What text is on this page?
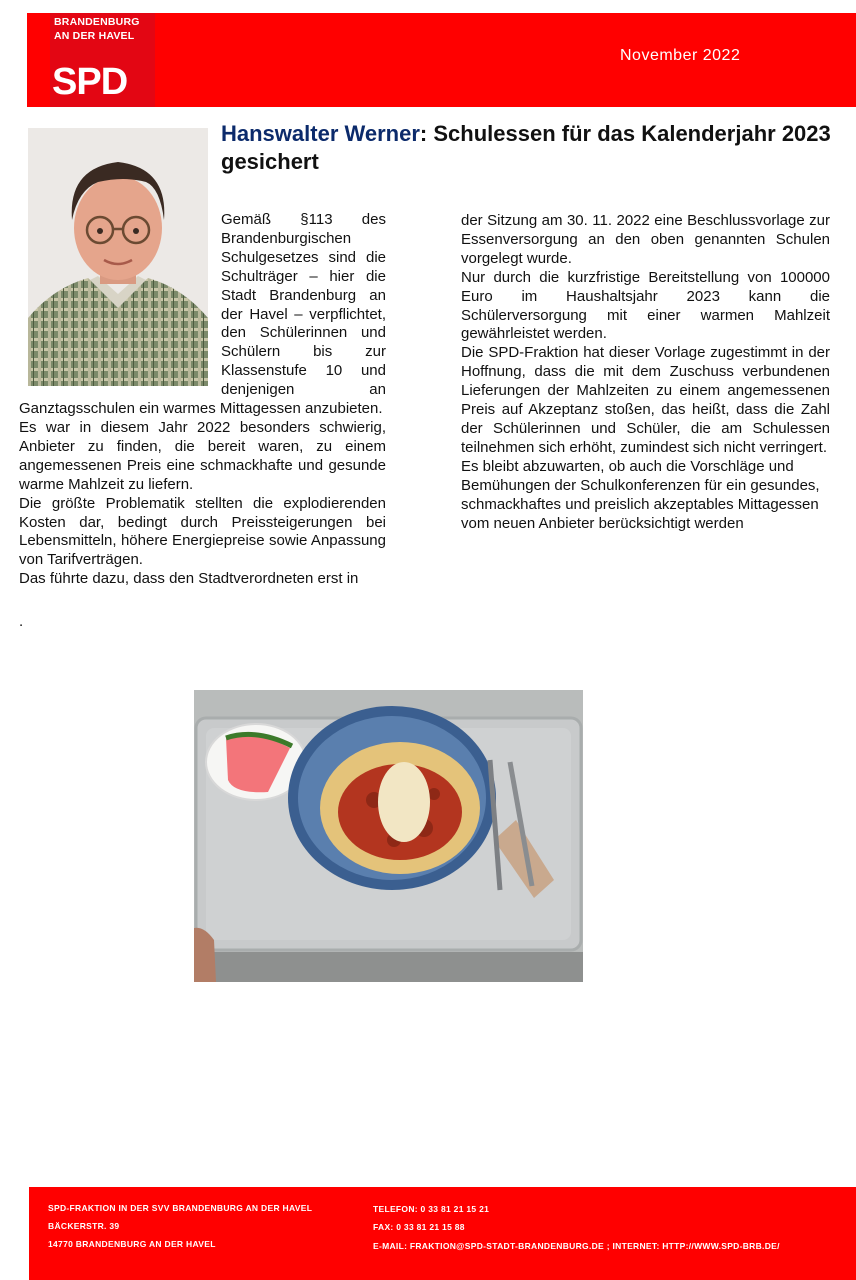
BRANDENBURG
AN DER HAVEL
SPD
November 2022
Hanswalter Werner: Schulessen für das Kalenderjahr 2023 gesichert

Gemäß §113 des Brandenburgischen Schulgesetzes sind die Schulträger – hier die Stadt Brandenburg an der Havel – verpflichtet, den Schülerinnen und Schülern bis zur Klassenstufe 10 und denjenigen an Ganztagsschulen ein warmes Mittagessen anzubieten.

Es war in diesem Jahr 2022 besonders schwierig, Anbieter zu finden, die bereit waren, zu einem angemessenen Preis eine schmackhafte und gesunde warme Mahlzeit zu liefern.

Die größte Problematik stellten die explodierenden Kosten dar, bedingt durch Preissteigerungen bei Lebensmitteln, höhere Energiepreise sowie Anpassung von Tarifverträgen.

Das führte dazu, dass den Stadtverordneten erst in

der Sitzung am 30. 11. 2022 eine Beschlussvorlage zur Essenversorgung an den oben genannten Schulen vorgelegt wurde.

Nur durch die kurzfristige Bereitstellung von 100000 Euro im Haushaltsjahr 2023 kann die Schülerversorgung mit einer warmen Mahlzeit gewährleistet werden.

Die SPD-Fraktion hat dieser Vorlage zugestimmt in der Hoffnung, dass die mit dem Zuschuss verbundenen Lieferungen der Mahlzeiten zu einem angemessenen Preis auf Akzeptanz stoßen, das heißt, dass die Zahl der Schülerinnen und Schüler, die am Schulessen teilnehmen sich erhöht, zumindest sich nicht verringert.

Es bleibt abzuwarten, ob auch die Vorschläge und Bemühungen der Schulkonferenzen für ein gesundes, schmackhaftes und preislich akzeptables Mittagessen vom neuen Anbieter berücksichtigt werden

.
SPD-FRAKTION IN DER SVV BRANDENBURG AN DER HAVEL
BÄCKERSTR. 39
14770 BRANDENBURG AN DER HAVEL
TELEFON: 0 33 81 21 15 21
FAX: 0 33 81 21 15 88
E-MAIL: FRAKTION@SPD-STADT-BRANDENBURG.DE ; INTERNET: HTTP://WWW.SPD-BRB.DE/
